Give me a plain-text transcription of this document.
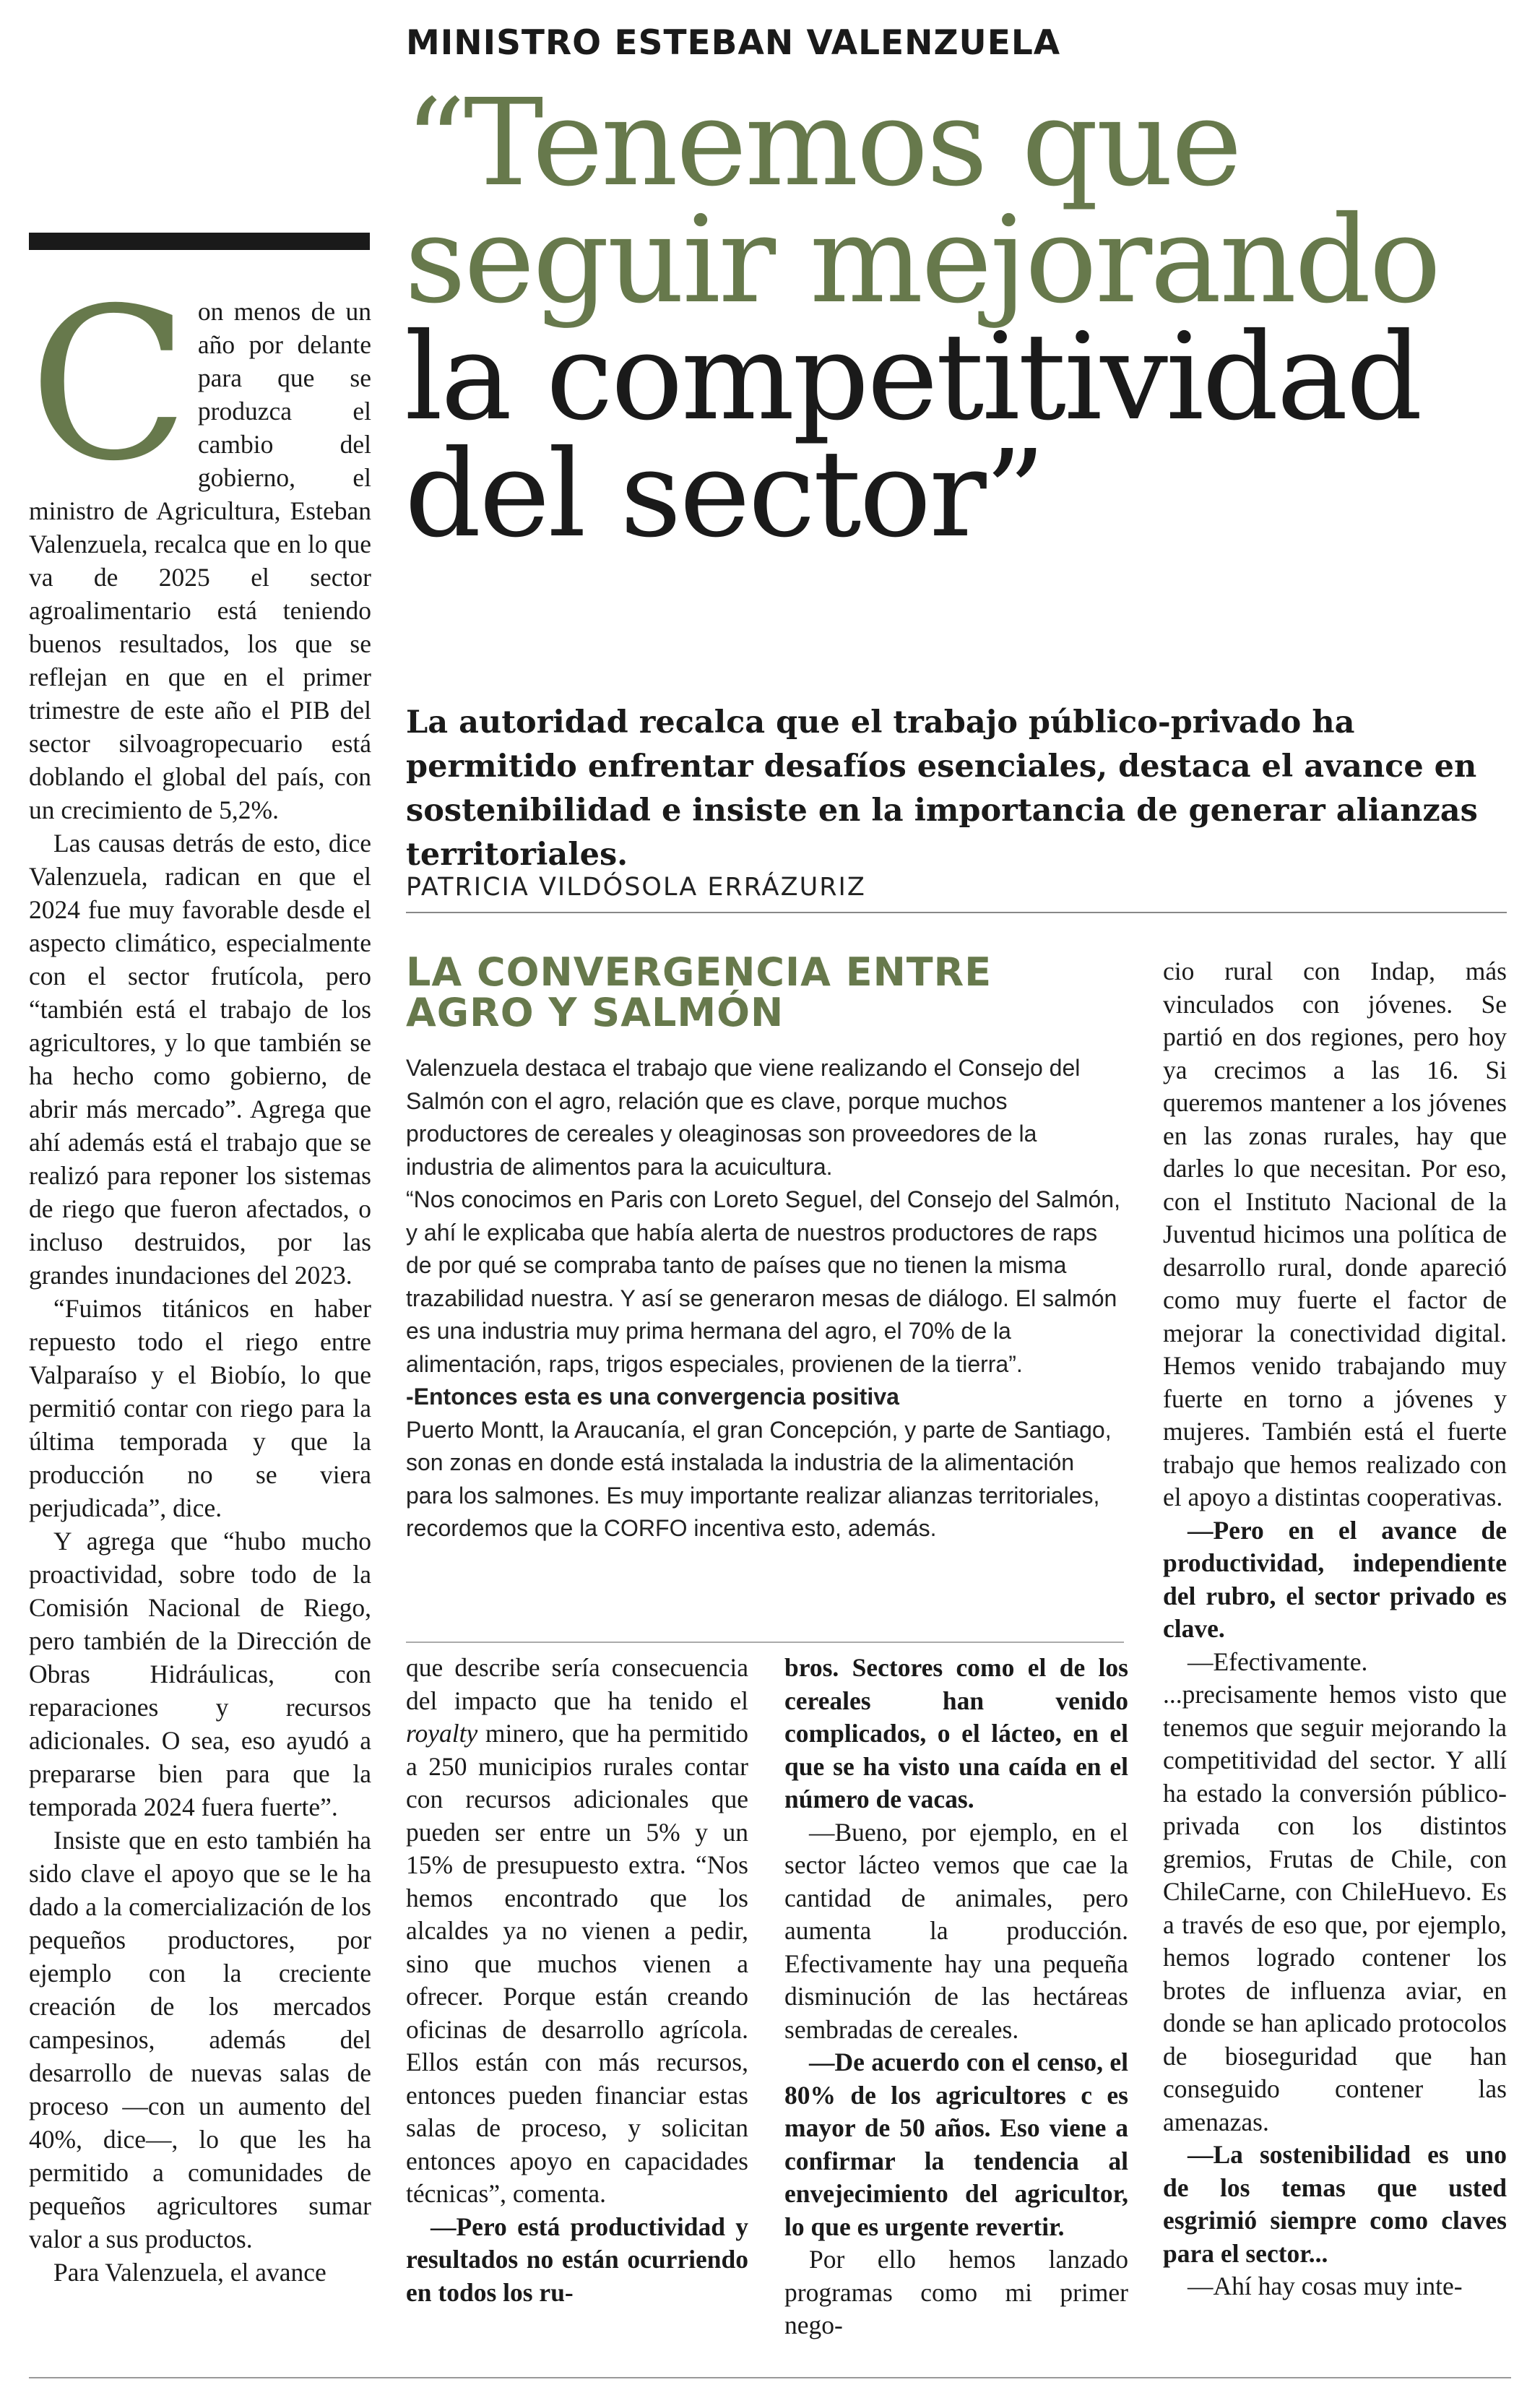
MINISTRO ESTEBAN VALENZUELA
“Tenemos que
seguir mejorando
la competitividad
del sector”
La autoridad recalca que el trabajo público-privado ha permitido enfrentar desafíos esenciales, destaca el avance en sostenibilidad e insiste en la importancia de generar alianzas territoriales.
PATRICIA VILDÓSOLA ERRÁZURIZ

Con menos de un año por delante para que se produzca el cambio del gobierno, el ministro de Agricultura, Esteban Valenzuela, recalca que en lo que va de 2025 el sector agroalimentario está teniendo buenos resultados, los que se reflejan en que en el primer trimestre de este año el PIB del sector silvoagropecuario está doblando el global del país, con un crecimiento de 5,2%.

Las causas detrás de esto, dice Valenzuela, radican en que el 2024 fue muy favorable desde el aspecto climático, especialmente con el sector frutícola, pero “también está el trabajo de los agricultores, y lo que también se ha hecho como gobierno, de abrir más mercado”. Agrega que ahí además está el trabajo que se realizó para reponer los sistemas de riego que fueron afectados, o incluso destruidos, por las grandes inundaciones del 2023.

“Fuimos titánicos en haber repuesto todo el riego entre Valparaíso y el Biobío, lo que permitió contar con riego para la última temporada y que la producción no se viera perjudicada”, dice.

Y agrega que “hubo mucho proactividad, sobre todo de la Comisión Nacional de Riego, pero también de la Dirección de Obras Hidráulicas, con reparaciones y recursos adicionales. O sea, eso ayudó a prepararse bien para que la temporada 2024 fuera fuerte”.

Insiste que en esto también ha sido clave el apoyo que se le ha dado a la comercialización de los pequeños productores, por ejemplo con la creciente creación de los mercados campesinos, además del desarrollo de nuevas salas de proceso —con un aumento del 40%, dice—, lo que les ha permitido a comunidades de pequeños agricultores sumar valor a sus productos.

Para Valenzuela, el avance

LA CONVERGENCIA ENTRE AGRO Y SALMÓN

Valenzuela destaca el trabajo que viene realizando el Consejo del Salmón con el agro, relación que es clave, porque muchos productores de cereales y oleaginosas son proveedores de la industria de alimentos para la acuicultura.

“Nos conocimos en Paris con Loreto Seguel, del Consejo del Salmón, y ahí le explicaba que había alerta de nuestros productores de raps de por qué se compraba tanto de países que no tienen la misma trazabilidad nuestra. Y así se generaron mesas de diálogo. El salmón es una industria muy prima hermana del agro, el 70% de la alimentación, raps, trigos especiales, provienen de la tierra”.

-Entonces esta es una convergencia positiva

Puerto Montt, la Araucanía, el gran Concepción, y parte de Santiago, son zonas en donde está instalada la industria de la alimentación para los salmones. Es muy importante realizar alianzas territoriales, recordemos que la CORFO incentiva esto, además.

que describe sería consecuencia del impacto que ha tenido el royalty minero, que ha permitido a 250 municipios rurales contar con recursos adicionales que pueden ser entre un 5% y un 15% de presupuesto extra. “Nos hemos encontrado que los alcaldes ya no vienen a pedir, sino que muchos vienen a ofrecer. Porque están creando oficinas de desarrollo agrícola. Ellos están con más recursos, entonces pueden financiar estas salas de proceso, y solicitan entonces apoyo en capacidades técnicas”, comenta.

—Pero está productividad y resultados no están ocurriendo en todos los ru-

bros. Sectores como el de los cereales han venido complicados, o el lácteo, en el que se ha visto una caída en el número de vacas.

—Bueno, por ejemplo, en el sector lácteo vemos que cae la cantidad de animales, pero aumenta la producción. Efectivamente hay una pequeña disminución de las hectáreas sembradas de cereales.

—De acuerdo con el censo, el 80% de los agricultores c es mayor de 50 años. Eso viene a confirmar la tendencia al envejecimiento del agricultor, lo que es urgente revertir.

Por ello hemos lanzado programas como mi primer nego-

cio rural con Indap, más vinculados con jóvenes. Se partió en dos regiones, pero hoy ya crecimos a las 16. Si queremos mantener a los jóvenes en las zonas rurales, hay que darles lo que necesitan. Por eso, con el Instituto Nacional de la Juventud hicimos una política de desarrollo rural, donde apareció como muy fuerte el factor de mejorar la conectividad digital. Hemos venido trabajando muy fuerte en torno a jóvenes y mujeres. También está el fuerte trabajo que hemos realizado con el apoyo a distintas cooperativas.

—Pero en el avance de productividad, independiente del rubro, el sector privado es clave.

—Efectivamente. ...precisamente hemos visto que tenemos que seguir mejorando la competitividad del sector. Y allí ha estado la conversión público-privada con los distintos gremios, Frutas de Chile, con ChileCarne, con ChileHuevo. Es a través de eso que, por ejemplo, hemos logrado contener los brotes de influenza aviar, en donde se han aplicado protocolos de bioseguridad que han conseguido contener las amenazas.

—La sostenibilidad es uno de los temas que usted esgrimió siempre como claves para el sector...

—Ahí hay cosas muy inte-
